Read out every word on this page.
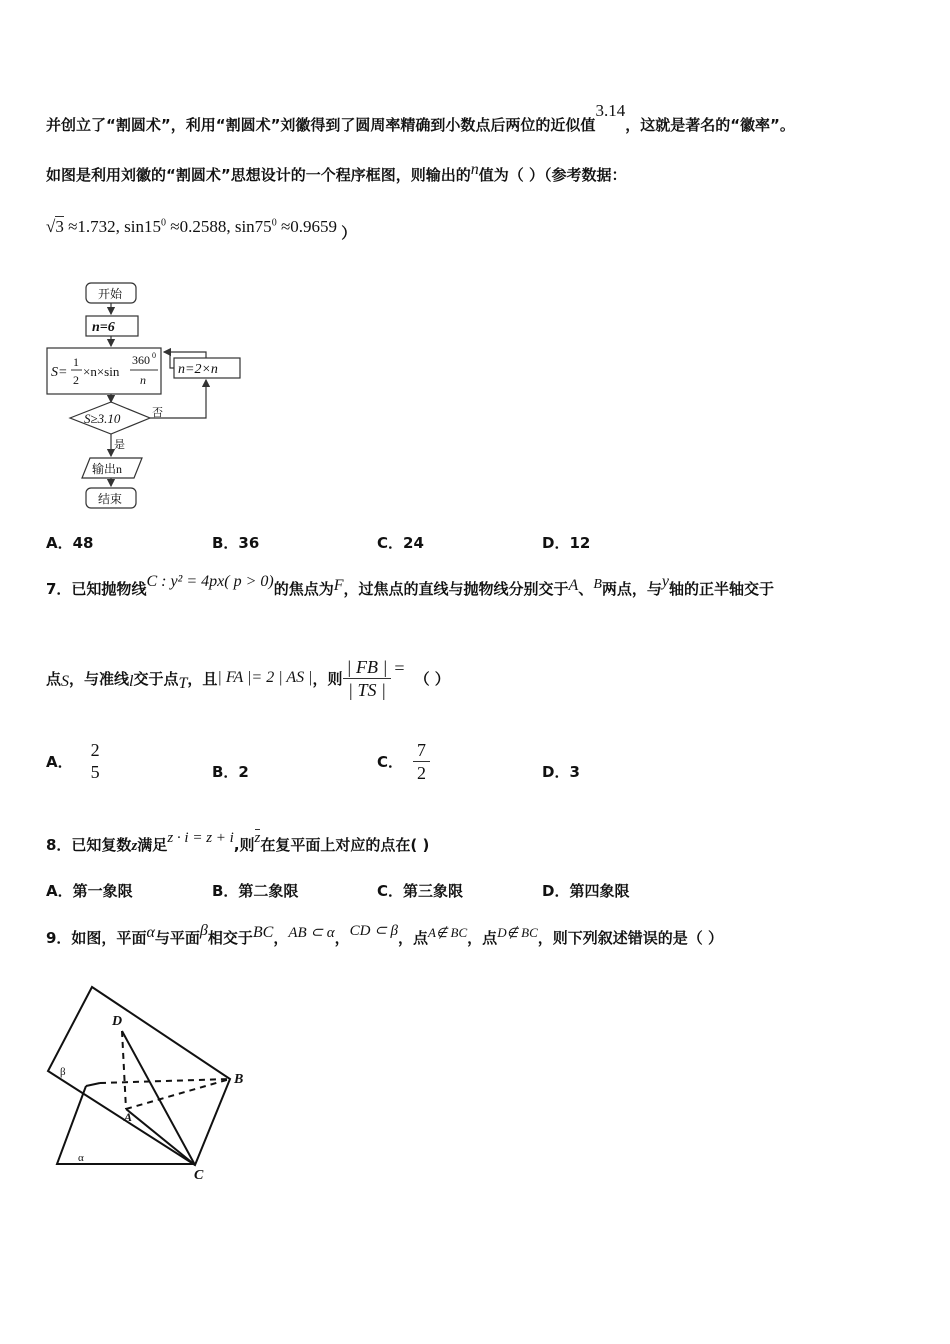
并创立了“割圆术”，利用“割圆术”刘徽得到了圆周率精确到小数点后两位的近似值3.14，这就是著名的“徽率”。
如图是利用刘徽的“割圆术”思想设计的一个程序框图，则输出的n值为（ ）（参考数据：
√3 ≈1.732, $\sin 15^0 \approx 0.2588$, $\sin 75^0 \approx 0.9659$ ）
开始
n=6
S=
1
2
×n×sin
360 0
n
n=2×n
S≥3.10	否
是
输出n
结束
A．48	B．36	C．24	D．12
7．已知抛物线C : y² = 4px( p > 0)的焦点为F，过焦点的直线与抛物线分别交于A、B两点，与y轴的正半轴交于
点 S ，与准线 l 交于点 T ，且 | FA |= 2 | AS | ，则 $\frac{| FB |}{| TS |}$ =
（ ）
A．
2
5	B．2
C． $\frac{7}{2}$	D．3
8．已知复数z满足z · i = z + i,则z在复平面上对应的点在( )
A．第一象限	B．第二象限	C．第三象限	D．第四象限
9．如图，平面α与平面β相交于BC，AB ⊂ α，CD ⊂ β，点A∉ BC，点D∉ BC，则下列叙述错误的是（ ）
D
B
A
C
β
α
